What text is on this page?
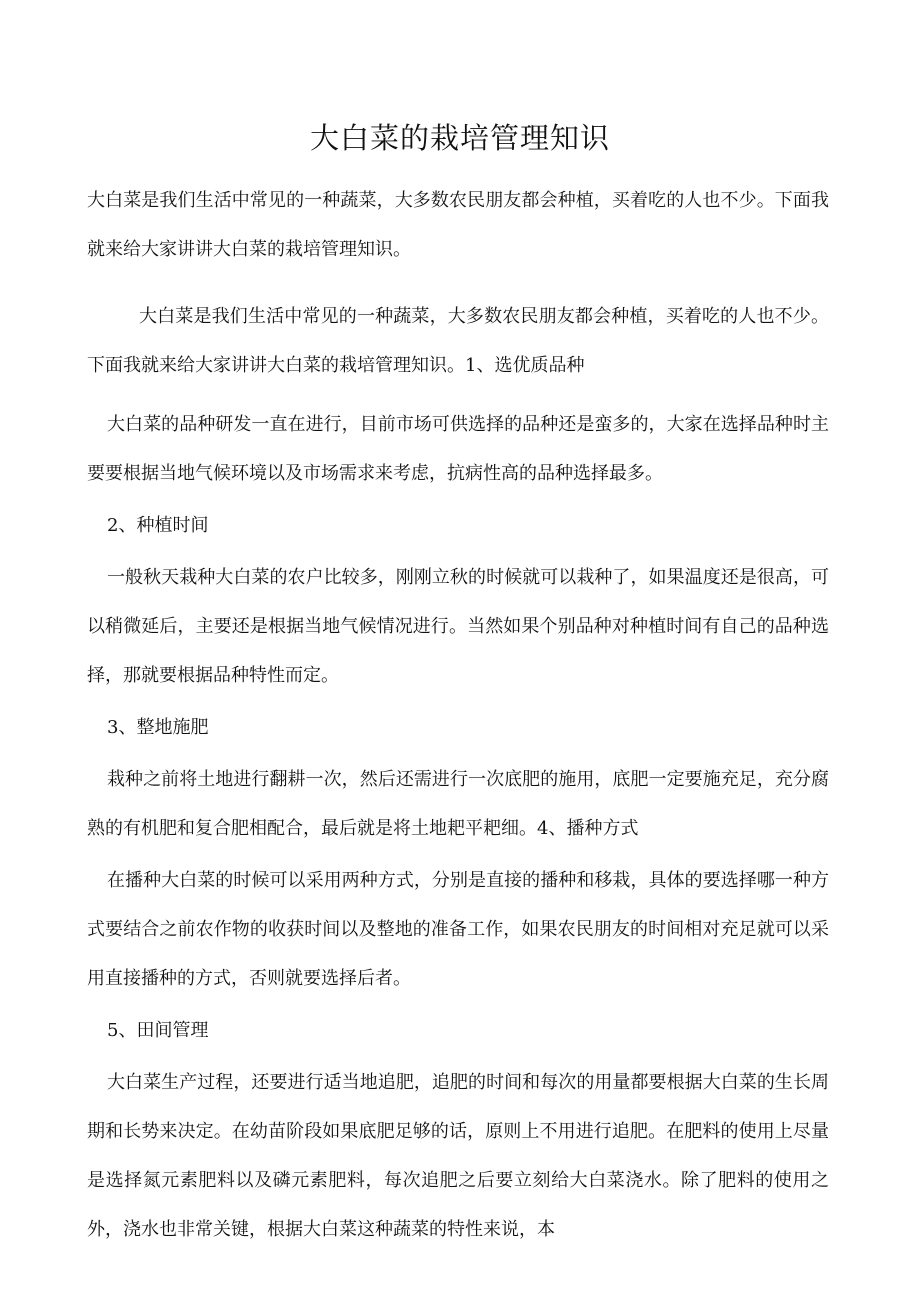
大白菜的栽培管理知识

大白菜是我们生活中常见的一种蔬菜，大多数农民朋友都会种植，买着吃的人也不少。下面我就来给大家讲讲大白菜的栽培管理知识。

大白菜是我们生活中常见的一种蔬菜，大多数农民朋友都会种植，买着吃的人也不少。下面我就来给大家讲讲大白菜的栽培管理知识。1、选优质品种

大白菜的品种研发一直在进行，目前市场可供选择的品种还是蛮多的，大家在选择品种时主要要根据当地气候环境以及市场需求来考虑，抗病性高的品种选择最多。

2、种植时间

一般秋天栽种大白菜的农户比较多，刚刚立秋的时候就可以栽种了，如果温度还是很高，可以稍微延后，主要还是根据当地气候情况进行。当然如果个别品种对种植时间有自己的品种选择，那就要根据品种特性而定。

3、整地施肥

栽种之前将土地进行翻耕一次，然后还需进行一次底肥的施用，底肥一定要施充足，充分腐熟的有机肥和复合肥相配合，最后就是将土地耙平耙细。4、播种方式

在播种大白菜的时候可以采用两种方式，分别是直接的播种和移栽，具体的要选择哪一种方式要结合之前农作物的收获时间以及整地的准备工作，如果农民朋友的时间相对充足就可以采用直接播种的方式，否则就要选择后者。

5、田间管理

大白菜生产过程，还要进行适当地追肥，追肥的时间和每次的用量都要根据大白菜的生长周期和长势来决定。在幼苗阶段如果底肥足够的话，原则上不用进行追肥。在肥料的使用上尽量是选择氮元素肥料以及磷元素肥料，每次追肥之后要立刻给大白菜浇水。除了肥料的使用之外，浇水也非常关键，根据大白菜这种蔬菜的特性来说，本
